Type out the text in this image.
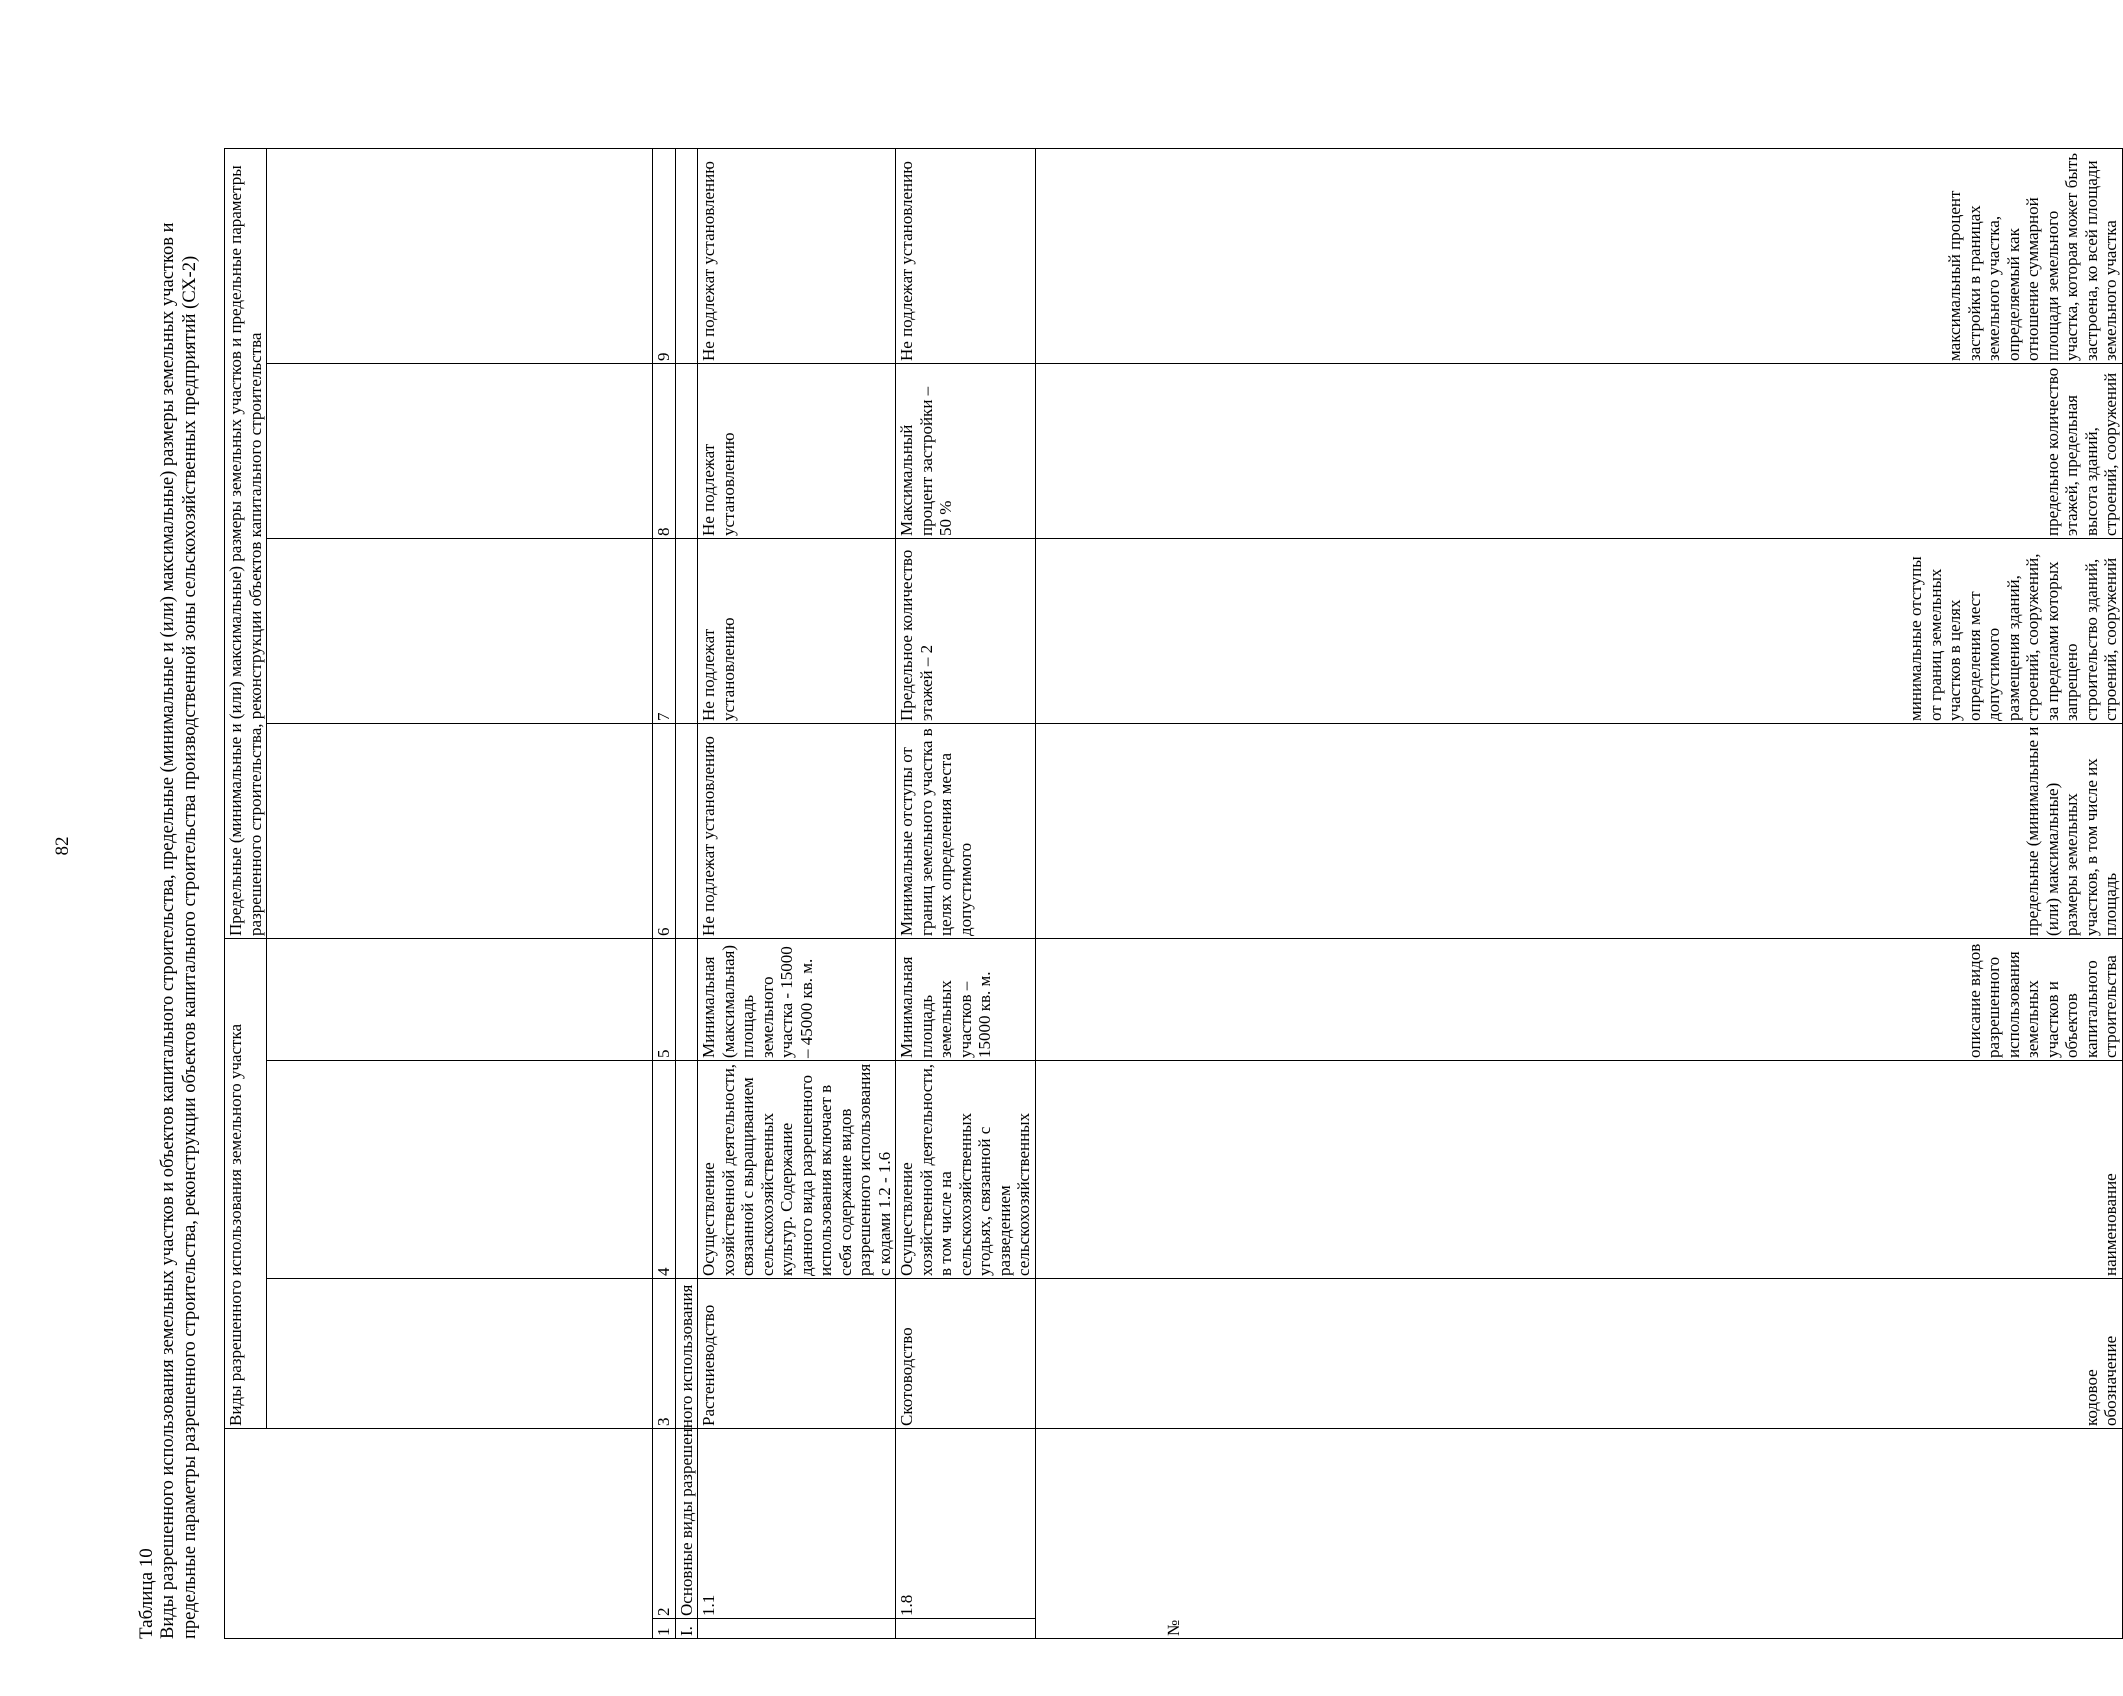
82
Таблица 10 Виды разрешенного использования земельных участков и объектов капитального строительства, предельные (минимальные и (или) максимальные) размеры земельных участков и предельные параметры разрешенного строительства, реконструкции объектов капитального строительства производственной зоны сельскохозяйственных предприятий (СХ-2)	№	Виды разрешенного использования земельного участка			Предельные (минимальные и (или) максимальные) размеры земельных участков и предельные параметры разрешенного строительства, реконструкции объектов капитального строительства				
	кодовое обозначение	наименование	описание видов разрешенного использования земельных участков и объектов капитального строительства	предельные (минимальные и (или) максимальные) размеры земельных участков, в том числе их площадь	минимальные отступы от границ земельных участков в целях определения мест допустимого размещения зданий, строений, сооружений, за пределами которых запрещено строительство зданий, строений, сооружений	предельное количество этажей, предельная высота зданий, строений, сооружений	максимальный процент застройки в границах земельного участка, определяемый как отношение суммарной площади земельного участка, которая может быть застроена, ко всей площади земельного участка	
1	2	3	4	5	6	7	8	9
I.	Основные виды разрешенного использования							
	1.1	Растениеводство	Осуществление хозяйственной деятельности, связанной с выращиванием сельскохозяйственных культур. Содержание данного вида разрешенного использования включает в себя содержание видов разрешенного использования с кодами 1.2 - 1.6	Минимальная (максимальная) площадь земельного участка - 15000 – 45000 кв. м.	Не подлежат установлению	Не подлежат установлению	Не подлежат установлению	Не подлежат установлению
	1.8	Скотоводство	Осуществление хозяйственной деятельности, в том числе на сельскохозяйственных угодьях, связанной с разведением сельскохозяйственных	Минимальная площадь земельных участков – 15000 кв. м.	Минимальные отступы от границ земельного участка в целях определения места допустимого	Предельное количество этажей – 2	Максимальный процент застройки – 50 %	Не подлежат установлению
